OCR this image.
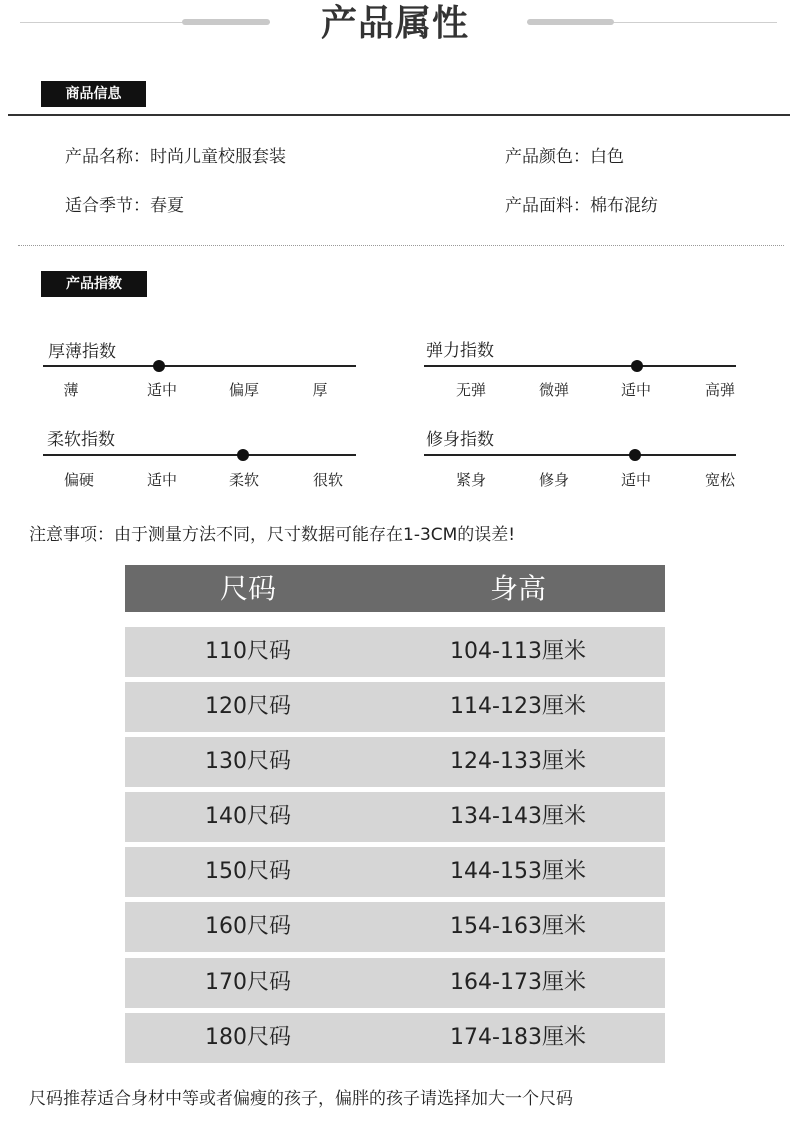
产品属性
商品信息
产品名称：时尚儿童校服套装	产品颜色：白色
适合季节：春夏	产品面料：棉布混纺
产品指数
厚薄指数
薄	适中	偏厚	厚
弹力指数
无弹	微弹	适中	高弹
柔软指数
偏硬	适中	柔软	很软
修身指数
紧身	修身	适中	宽松
注意事项：由于测量方法不同，尺寸数据可能存在1-3CM的误差!
尺码	身高
110尺码	104-113厘米
120尺码	114-123厘米
130尺码	124-133厘米
140尺码	134-143厘米
150尺码	144-153厘米
160尺码	154-163厘米
170尺码	164-173厘米
180尺码	174-183厘米
尺码推荐适合身材中等或者偏瘦的孩子，偏胖的孩子请选择加大一个尺码
